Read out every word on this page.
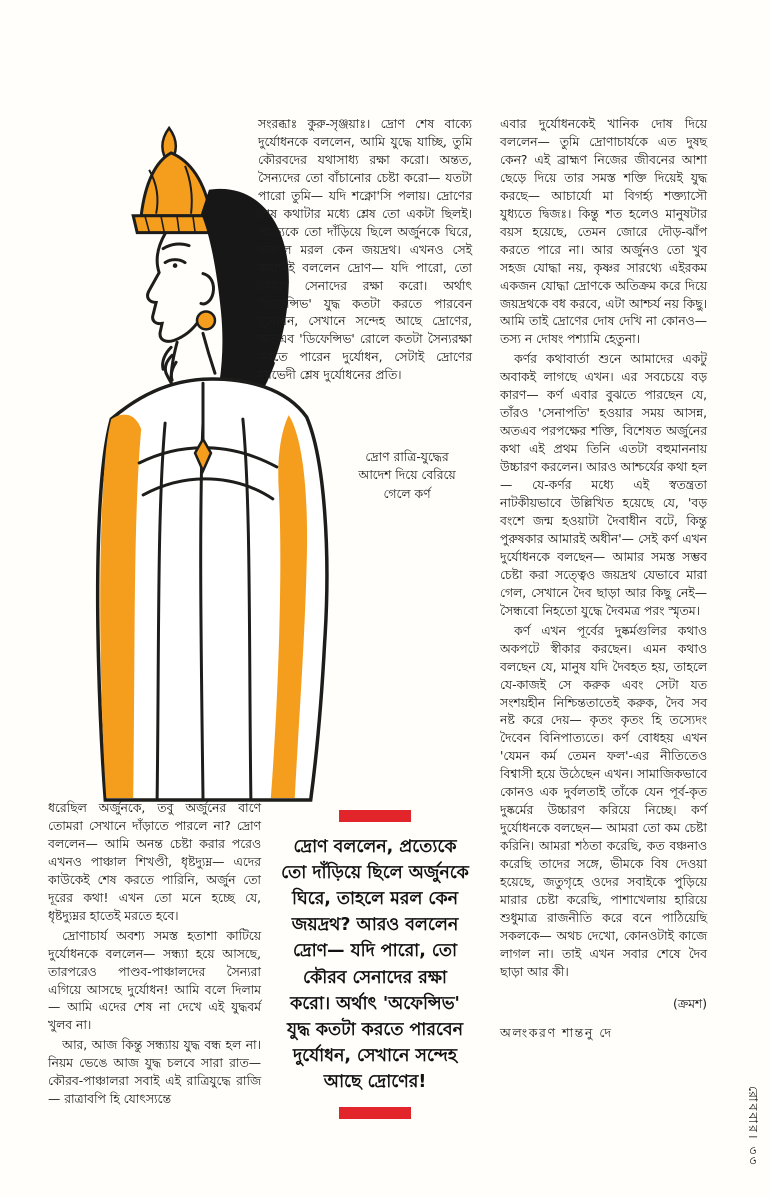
সংরব্ধাঃ কুরু-সৃঞ্জয়াঃ। দ্রোণ শেষ বাক্যে দুর্যোধনকে বললেন, আমি যুদ্ধে যাচ্ছি, তুমি কৌরবদের যথাসাধ্য রক্ষা করো। অন্তত, সৈন্যদের তো বাঁচানোর চেষ্টা করো— যতটা পারো তুমি— যদি শক্নো'সি পলায়। দ্রোণের শেষ কথাটার মধ্যে শ্লেষ তো একটা ছিলই। প্রত্যেকে তো দাঁড়িয়ে ছিলে অর্জুনকে ঘিরে, তাহলে মরল কেন জয়দ্রথ। এখনও সেই কথাটাই বললেন দ্রোণ— যদি পারো, তো কৌরব সেনাদের রক্ষা করো। অর্থাৎ 'অফেন্সিভ' যুদ্ধ কতটা করতে পারবেন দুর্যোধন, সেখানে সন্দেহ আছে দ্রোণের, অতএব 'ডিফেন্সিভ' রোলে কতটা সৈন্যরক্ষা করতে পারেন দুর্যোধন, সেটাই দ্রোণের মর্মভেদী শ্লেষ দুর্যোধনের প্রতি।

দ্রোণ রাত্রি-যুদ্ধের আদেশ দিয়ে বেরিয়ে গেলে কর্ণ

এবার দুর্যোধনকেই খানিক দোষ দিয়ে বললেন— তুমি দ্রোণাচার্যকে এত দুষছ কেন? এই ব্রাহ্মণ নিজের জীবনের আশা ছেড়ে দিয়ে তার সমস্ত শক্তি দিয়েই যুদ্ধ করছে— আচার্যো মা বিগর্হ্য শক্ত্যাসৌ যুধ্যতে দ্বিজঃ। কিন্তু শত হলেও মানুষটার বয়স হয়েছে, তেমন জোরে দৌড়-ঝাঁপ করতে পারে না। আর অর্জুনও তো খুব সহজ যোদ্ধা নয়, কৃষ্ণর সারথ্যে এইরকম একজন যোদ্ধা দ্রোণকে অতিক্রম করে দিয়ে জয়দ্রথকে বধ করবে, এটা আশ্চর্য নয় কিছু। আমি তাই দ্রোণের দোষ দেখি না কোনও— তস্য ন দোষং পশ্যামি হেতুনা।

কর্ণর কথাবার্তা শুনে আমাদের একটু অবাকই লাগছে এখন। এর সবচেয়ে বড় কারণ— কর্ণ এবার বুঝতে পারছেন যে, তাঁরও 'সেনাপতি' হওয়ার সময় আসন্ন, অতএব পরপক্ষের শক্তি, বিশেষত অর্জুনের কথা এই প্রথম তিনি এতটা বহুমাননায় উচ্চারণ করলেন। আরও আশ্চর্যের কথা হল— যে-কর্ণর মধ্যে এই স্বতন্ত্রতা নাটকীয়ভাবে উল্লিখিত হয়েছে যে, 'বড় বংশে জন্ম হওয়াটা দৈবাধীন বটে, কিন্তু পুরুষকার আমারই অধীন'— সেই কর্ণ এখন দুর্যোধনকে বলছেন— আমার সমস্ত সম্ভব চেষ্টা করা সত্ত্বেও জয়দ্রথ যেভাবে মারা গেল, সেখানে দৈব ছাড়া আর কিছু নেই— সৈন্ধবো নিহতো যুদ্ধে দৈবমত্র পরং স্মৃতম।

কর্ণ এখন পূর্বের দুষ্কর্মগুলির কথাও অকপটে স্বীকার করছেন। এমন কথাও বলছেন যে, মানুষ যদি দৈবহত হয়, তাহলে যে-কাজই সে করুক এবং সেটা যত সংশয়হীন নিশ্চিন্ততাতেই করুক, দৈব সব নষ্ট করে দেয়— কৃতং কৃতং হি তস্যেদং দৈবেন বিনিপাত্যতে। কর্ণ বোধহয় এখন 'যেমন কর্ম তেমন ফল'-এর নীতিতেও বিশ্বাসী হয়ে উঠেছেন এখন। সামাজিকভাবে কোনও এক দুর্বলতাই তাঁকে যেন পূর্ব-কৃত দুষ্কর্মের উচ্চারণ করিয়ে নিচ্ছে। কর্ণ দুর্যোধনকে বলছেন— আমরা তো কম চেষ্টা করিনি। আমরা শঠতা করেছি, কত বঞ্চনাও করেছি তাদের সঙ্গে, ভীমকে বিষ দেওয়া হয়েছে, জতুগৃহে ওদের সবাইকে পুড়িয়ে মারার চেষ্টা করেছি, পাশাখেলায় হারিয়ে শুধুমাত্র রাজনীতি করে বনে পাঠিয়েছি সকলকে— অথচ দেখো, কোনওটাই কাজে লাগল না। তাই এখন সবার শেষে দৈব ছাড়া আর কী।

(ক্রমশ)

অলংকরণ শান্তনু দে

ধরেছিল অর্জুনকে, তবু অর্জুনের বাণে তোমরা সেখানে দাঁড়াতে পারলে না? দ্রোণ বললেন— আমি অনন্ত চেষ্টা করার পরেও এখনও পাঞ্চাল শিখণ্ডী, ধৃষ্টদ্যুম্ন— এদের কাউকেই শেষ করতে পারিনি, অর্জুন তো দূরের কথা! এখন তো মনে হচ্ছে যে, ধৃষ্টদ্যুম্নর হাতেই মরতে হবে।

দ্রোণাচার্য অবশ্য সমস্ত হতাশা কাটিয়ে দুর্যোধনকে বললেন— সন্ধ্যা হয়ে আসছে, তারপরেও পাণ্ডব-পাঞ্চালদের সৈন্যরা এগিয়ে আসছে দুর্যোধন! আমি বলে দিলাম— আমি এদের শেষ না দেখে এই যুদ্ধবর্ম খুলব না।

আর, আজ কিন্তু সন্ধ্যায় যুদ্ধ বন্ধ হল না। নিয়ম ভেঙে আজ যুদ্ধ চলবে সারা রাত— কৌরব-পাঞ্চালরা সবাই এই রাত্রিযুদ্ধে রাজি— রাত্রাবপি হি যোৎস্যন্তে

দ্রোণ বললেন, প্রত্যেকে তো দাঁড়িয়ে ছিলে অর্জুনকে ঘিরে, তাহলে মরল কেন জয়দ্রথ? আরও বললেন দ্রোণ— যদি পারো, তো কৌরব সেনাদের রক্ষা করো। অর্থাৎ 'অফেন্সিভ' যুদ্ধ কতটা করতে পারবেন দুর্যোধন, সেখানে সন্দেহ আছে দ্রোণের!

রোববার। ৩৩
